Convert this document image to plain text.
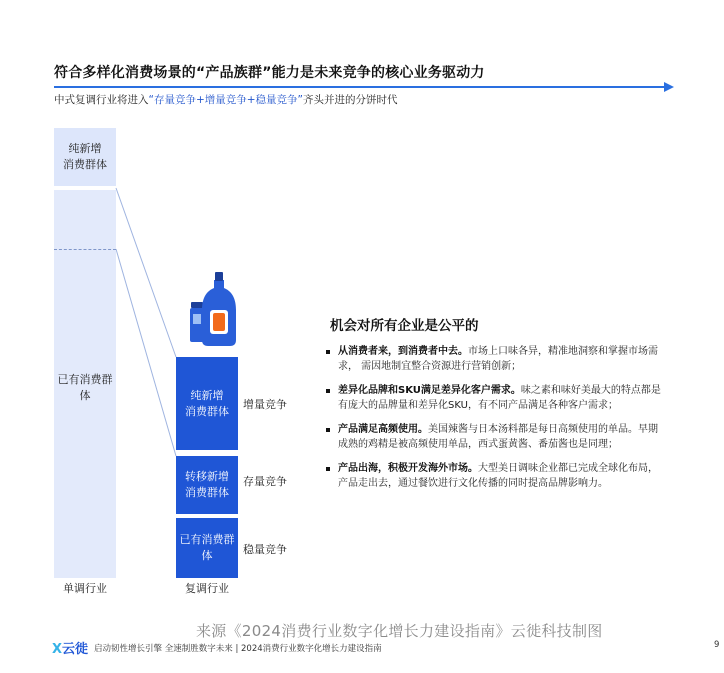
符合多样化消费场景的“产品族群”能力是未来竞争的核心业务驱动力
中式复调行业将进入“存量竞争+增量竞争+稳量竞争”齐头并进的分饼时代
纯新增
消费群体
已有消费群
体
单调行业
纯新增
消费群体 增量竞争
转移新增
消费群体
存量竞争
已有消费群
体	稳量竞争
复调行业
机会对所有企业是公平的
从消费者来，到消费者中去。市场上口味各异，精准地洞察和掌握市场需求， 需因地制宜整合资源进行营销创新；
差异化品牌和SKU满足差异化客户需求。味之素和味好美最大的特点都是有庞大的品牌量和差异化SKU，有不同产品满足各种客户需求；
产品满足高频使用。美国辣酱与日本汤料都是每日高频使用的单品。早期成熟的鸡精是被高频使用单品，西式蛋黄酱、番茄酱也是同理；
产品出海，积极开发海外市场。大型美日调味企业都已完成全球化布局，产品走出去，通过餐饮进行文化传播的同时提高品牌影响力。
来源《2024消费行业数字化增长力建设指南》云徙科技制图
X云徙 启动韧性增长引擎 全速制胜数字未来 | 2024消费行业数字化增长力建设指南	9
